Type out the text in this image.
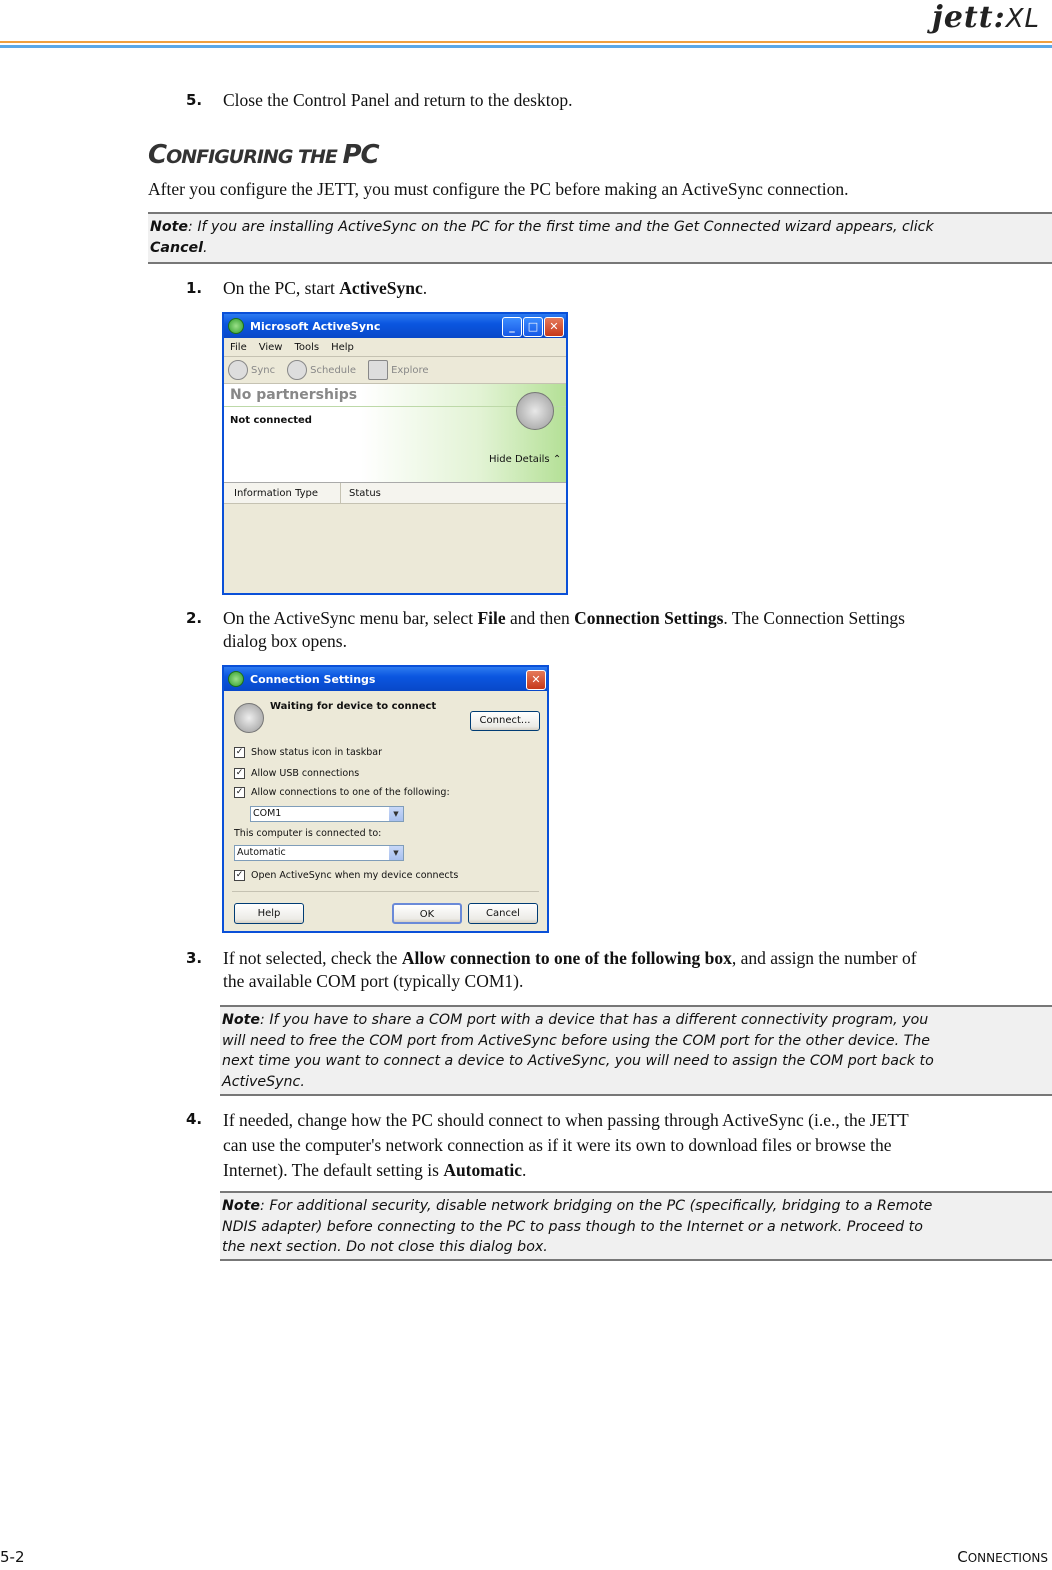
jett:XL
5. Close the Control Panel and return to the desktop.
CONFIGURING THE PC
After you configure the JETT, you must configure the PC before making an ActiveSync connection.
Note: If you are installing ActiveSync on the PC for the first time and the Get Connected wizard appears, click
Cancel.
1. On the PC, start ActiveSync.
Microsoft ActiveSync	_	□	✕
File View Tools Help
Sync	Schedule	Explore
No partnerships
Not connected
Hide Details ⌃
Information Type	Status
2. On the ActiveSync menu bar, select File and then Connection Settings. The Connection Settings
dialog box opens.
Connection Settings	✕
Waiting for device to connect
Connect...
✓ Show status icon in taskbar
✓ Allow USB connections
✓ Allow connections to one of the following:
COM1	▼
This computer is connected to:
Automatic	▼
✓ Open ActiveSync when my device connects
Help	OK	Cancel
3. If not selected, check the Allow connection to one of the following box, and assign the number of
the available COM port (typically COM1).
Note: If you have to share a COM port with a device that has a different connectivity program, you
will need to free the COM port from ActiveSync before using the COM port for the other device. The
next time you want to connect a device to ActiveSync, you will need to assign the COM port back to
ActiveSync.
4. If needed, change how the PC should connect to when passing through ActiveSync (i.e., the JETT
can use the computer's network connection as if it were its own to download files or browse the
Internet). The default setting is Automatic.
Note: For additional security, disable network bridging on the PC (specifically, bridging to a Remote
NDIS adapter) before connecting to the PC to pass though to the Internet or a network. Proceed to
the next section. Do not close this dialog box.
5-2	CONNECTIONS
